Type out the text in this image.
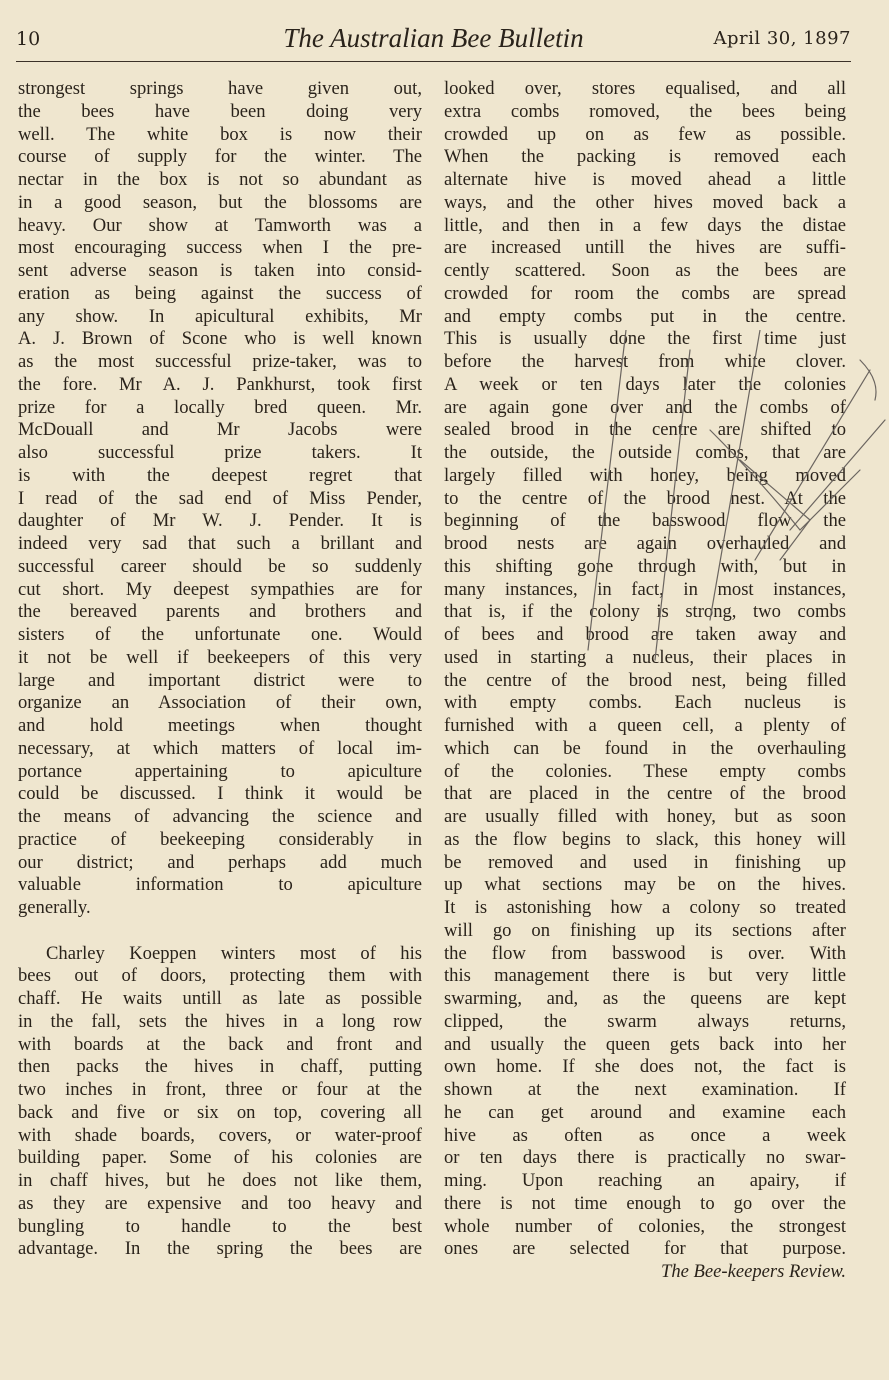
10	The Australian Bee Bulletin	April 30, 1897
strongest springs have given out,
the bees have been doing very
well. The white box is now their
course of supply for the winter. The
nectar in the box is not so abundant as
in a good season, but the blossoms are
heavy. Our show at Tamworth was a
most encouraging success when I the pre-
sent adverse season is taken into consid-
eration as being against the success of
any show. In apicultural exhibits, Mr
A. J. Brown of Scone who is well known
as the most successful prize-taker, was to
the fore. Mr A. J. Pankhurst, took first
prize for a locally bred queen. Mr.
McDouall and Mr Jacobs were
also successful prize takers. It
is with the deepest regret that
I read of the sad end of Miss Pender,
daughter of Mr W. J. Pender. It is
indeed very sad that such a brillant and
successful career should be so suddenly
cut short. My deepest sympathies are for
the bereaved parents and brothers and
sisters of the unfortunate one. Would
it not be well if beekeepers of this very
large and important district were to
organize an Association of their own,
and hold meetings when thought
necessary, at which matters of local im-
portance appertaining to apiculture
could be discussed. I think it would be
the means of advancing the science and
practice of beekeeping considerably in
our district; and perhaps add much
valuable information to apiculture
generally.
Charley Koeppen winters most of his
bees out of doors, protecting them with
chaff. He waits untill as late as possible
in the fall, sets the hives in a long row
with boards at the back and front and
then packs the hives in chaff, putting
two inches in front, three or four at the
back and five or six on top, covering all
with shade boards, covers, or water-proof
building paper. Some of his colonies are
in chaff hives, but he does not like them,
as they are expensive and too heavy and
bungling to handle to the best
advantage. In the spring the bees are
looked over, stores equalised, and all
extra combs romoved, the bees being
crowded up on as few as possible.
When the packing is removed each
alternate hive is moved ahead a little
ways, and the other hives moved back a
little, and then in a few days the distae
are increased untill the hives are suffi-
cently scattered. Soon as the bees are
crowded for room the combs are spread
and empty combs put in the centre.
This is usually done the first time just
before the harvest from white clover.
A week or ten days later the colonies
are again gone over and the combs of
sealed brood in the centre are shifted to
the outside, the outside combs, that are
largely filled with honey, being moved
to the centre of the brood nest. At the
beginning of the basswood flow the
brood nests are again overhauled and
this shifting gone through with, but in
many instances, in fact, in most instances,
that is, if the colony is strong, two combs
of bees and brood are taken away and
used in starting a nucleus, their places in
the centre of the brood nest, being filled
with empty combs. Each nucleus is
furnished with a queen cell, a plenty of
which can be found in the overhauling
of the colonies. These empty combs
that are placed in the centre of the brood
are usually filled with honey, but as soon
as the flow begins to slack, this honey will
be removed and used in finishing up
up what sections may be on the hives.
It is astonishing how a colony so treated
will go on finishing up its sections after
the flow from basswood is over. With
this management there is but very little
swarming, and, as the queens are kept
clipped, the swarm always returns,
and usually the queen gets back into her
own home. If she does not, the fact is
shown at the next examination. If
he can get around and examine each
hive as often as once a week
or ten days there is practically no swar-
ming. Upon reaching an apairy, if
there is not time enough to go over the
whole number of colonies, the strongest
ones are selected for that purpose.
The Bee-keepers Review.
